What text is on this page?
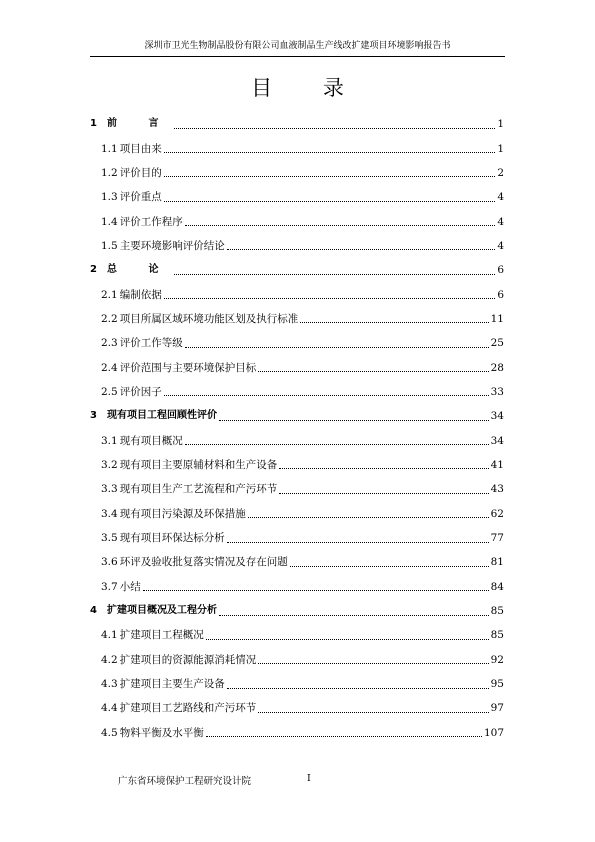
深圳市卫光生物制品股份有限公司血液制品生产线改扩建项目环境影响报告书
目 录
1 前 言	1
1.1 项目由来	1
1.2 评价目的	2
1.3 评价重点	4
1.4 评价工作程序	4
1.5 主要环境影响评价结论	4
2 总 论	6
2.1 编制依据	6
2.2 项目所属区域环境功能区划及执行标准	11
2.3 评价工作等级	25
2.4 评价范围与主要环境保护目标	28
2.5 评价因子	33
3 现有项目工程回顾性评价	34
3.1 现有项目概况	34
3.2 现有项目主要原辅材料和生产设备	41
3.3 现有项目生产工艺流程和产污环节	43
3.4 现有项目污染源及环保措施	62
3.5 现有项目环保达标分析	77
3.6 环评及验收批复落实情况及存在问题	81
3.7 小结	84
4 扩建项目概况及工程分析	85
4.1 扩建项目工程概况	85
4.2 扩建项目的资源能源消耗情况	92
4.3 扩建项目主要生产设备	95
4.4 扩建项目工艺路线和产污环节	97
4.5 物料平衡及水平衡	107
广东省环境保护工程研究设计院	I
